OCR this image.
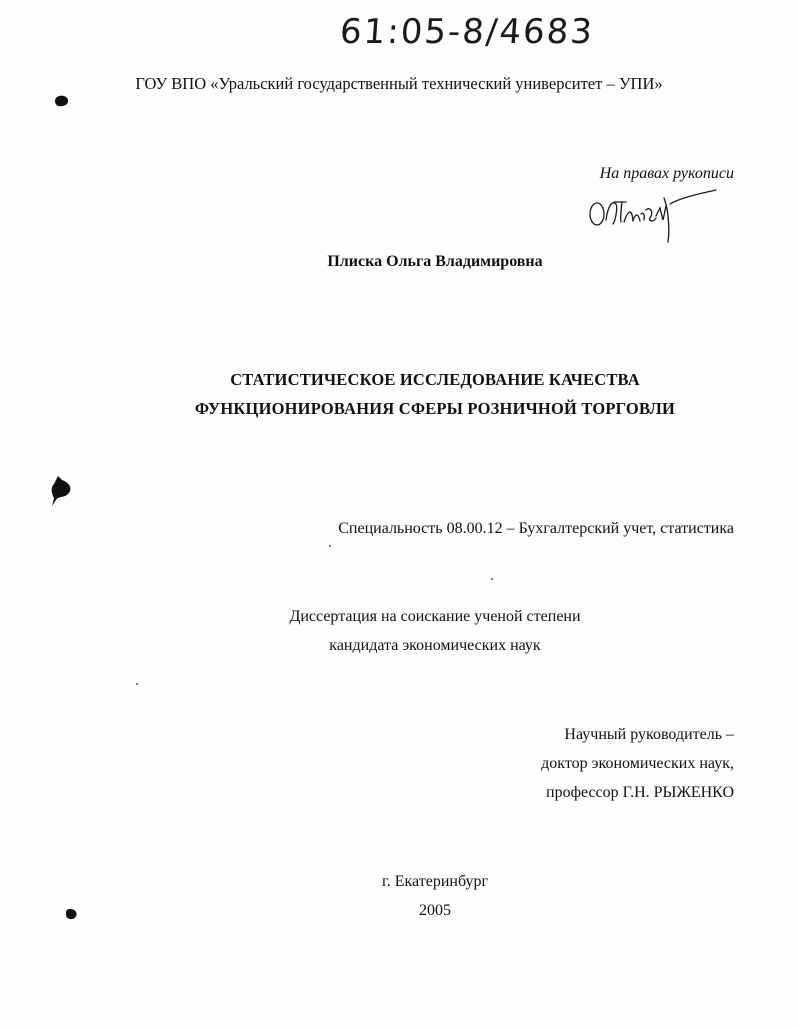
61:05-8/4683
ГОУ ВПО «Уральский государственный технический университет – УПИ»
На правах рукописи
Плиска Ольга Владимировна
СТАТИСТИЧЕСКОЕ ИССЛЕДОВАНИЕ КАЧЕСТВА
ФУНКЦИОНИРОВАНИЯ СФЕРЫ РОЗНИЧНОЙ ТОРГОВЛИ
Специальность 08.00.12 – Бухгалтерский учет, статистика
Диссертация на соискание ученой степени
кандидата экономических наук
Научный руководитель –
доктор экономических наук,
профессор Г.Н. РЫЖЕНКО
г. Екатеринбург
2005
